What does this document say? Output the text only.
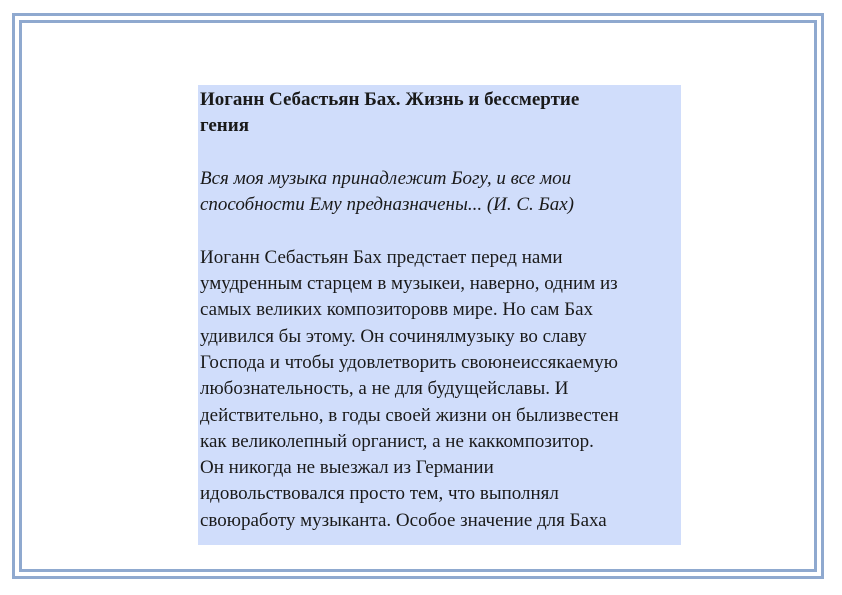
Иоганн Себастьян Бах. Жизнь и бессмертие
гения

Вся моя музыка принадлежит Богу, и все мои
способности Ему предназначены... (И. С. Бах)

Иоганн Себастьян Бах предстает перед нами
умудренным старцем в музыкеи, наверно, одним из
самых великих композиторовв мире. Но сам Бах
удивился бы этому. Он сочинялмузыку во славу
Господа и чтобы удовлетворить своюнеиссякаемую
любознательность, а не для будущейславы. И
действительно, в годы своей жизни он былизвестен
как великолепный органист, а не каккомпозитор.
Он никогда не выезжал из Германии
идовольствовался просто тем, что выполнял
своюработу музыканта. Особое значение для Баха
